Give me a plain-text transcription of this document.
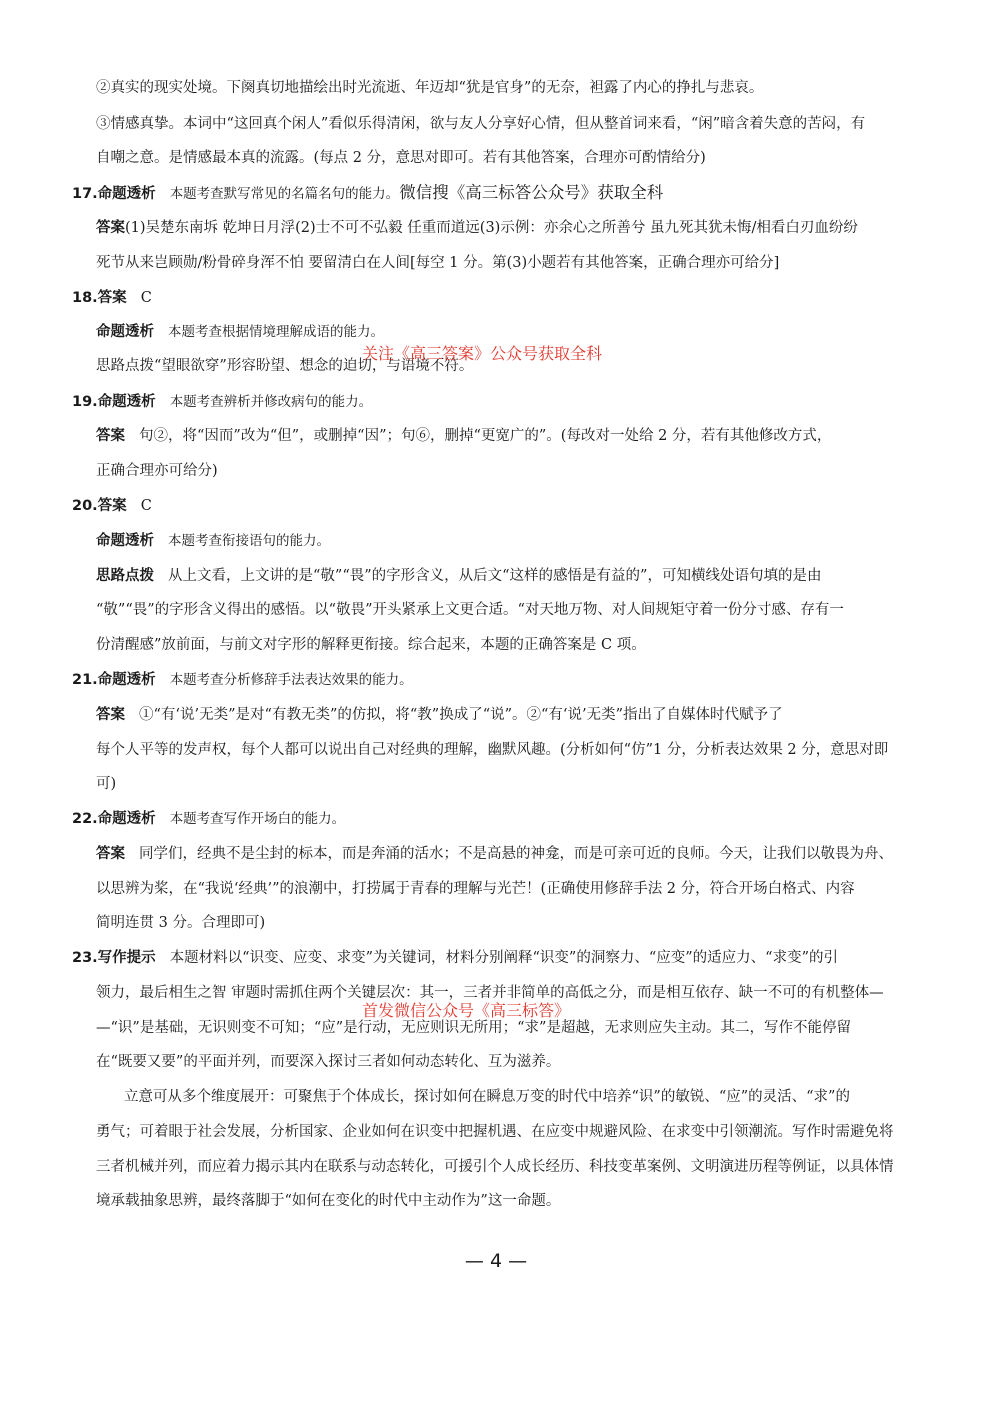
②真实的现实处境。下阕真切地描绘出时光流逝、年迈却“犹是官身”的无奈，袒露了内心的挣扎与悲哀。
③情感真挚。本词中“这回真个闲人”看似乐得清闲，欲与友人分享好心情，但从整首词来看，“闲”暗含着失意的苦闷，有
自嘲之意。是情感最本真的流露。(每点 2 分，意思对即可。若有其他答案，合理亦可酌情给分)
17.命题透析 本题考查默写常见的名篇名句的能力。微信搜《高三标答公众号》获取全科
答案(1)吴楚东南坼 乾坤日月浮(2)士不可不弘毅 任重而道远(3)示例：亦余心之所善兮 虽九死其犹未悔/相看白刃血纷纷
死节从来岂顾勋/粉骨碎身浑不怕 要留清白在人间[每空 1 分。第(3)小题若有其他答案，正确合理亦可给分]
18.答案 C
命题透析 本题考查根据情境理解成语的能力。
思路点拨“望眼欲穿”形容盼望、想念的迫切，与语境不符。
关注《高三答案》公众号获取全科
19.命题透析 本题考查辨析并修改病句的能力。
答案 句②，将“因而”改为“但”，或删掉“因”；句⑥，删掉“更宽广的”。(每改对一处给 2 分，若有其他修改方式，
正确合理亦可给分)
20.答案 C
命题透析 本题考查衔接语句的能力。
思路点拨 从上文看，上文讲的是“敬”“畏”的字形含义，从后文“这样的感悟是有益的”，可知横线处语句填的是由
“敬”“畏”的字形含义得出的感悟。以“敬畏”开头紧承上文更合适。“对天地万物、对人间规矩守着一份分寸感、存有一
份清醒感”放前面，与前文对字形的解释更衔接。综合起来，本题的正确答案是 C 项。
21.命题透析 本题考查分析修辞手法表达效果的能力。
答案 ①“有‘说’无类”是对“有教无类”的仿拟，将“教”换成了“说”。②“有‘说’无类”指出了自媒体时代赋予了
每个人平等的发声权，每个人都可以说出自己对经典的理解，幽默风趣。(分析如何“仿”1 分，分析表达效果 2 分，意思对即
可)
22.命题透析 本题考查写作开场白的能力。
答案 同学们，经典不是尘封的标本，而是奔涌的活水；不是高悬的神龛，而是可亲可近的良师。今天，让我们以敬畏为舟、
以思辨为桨，在“我说‘经典’”的浪潮中，打捞属于青春的理解与光芒！(正确使用修辞手法 2 分，符合开场白格式、内容
简明连贯 3 分。合理即可)
23.写作提示 本题材料以“识变、应变、求变”为关键词，材料分别阐释“识变”的洞察力、“应变”的适应力、“求变”的引
领力，最后相生之智 审题时需抓住两个关键层次：其一，三者并非简单的高低之分，而是相互依存、缺一不可的有机整体—
首发微信公众号《高三标答》
—“识”是基础，无识则变不可知；“应”是行动，无应则识无所用；“求”是超越，无求则应失主动。其二，写作不能停留
在“既要又要”的平面并列，而要深入探讨三者如何动态转化、互为滋养。
立意可从多个维度展开：可聚焦于个体成长，探讨如何在瞬息万变的时代中培养“识”的敏锐、“应”的灵活、“求”的
勇气；可着眼于社会发展，分析国家、企业如何在识变中把握机遇、在应变中规避风险、在求变中引领潮流。写作时需避免将
三者机械并列，而应着力揭示其内在联系与动态转化，可援引个人成长经历、科技变革案例、文明演进历程等例证，以具体情
境承载抽象思辨，最终落脚于“如何在变化的时代中主动作为”这一命题。
— 4 —
